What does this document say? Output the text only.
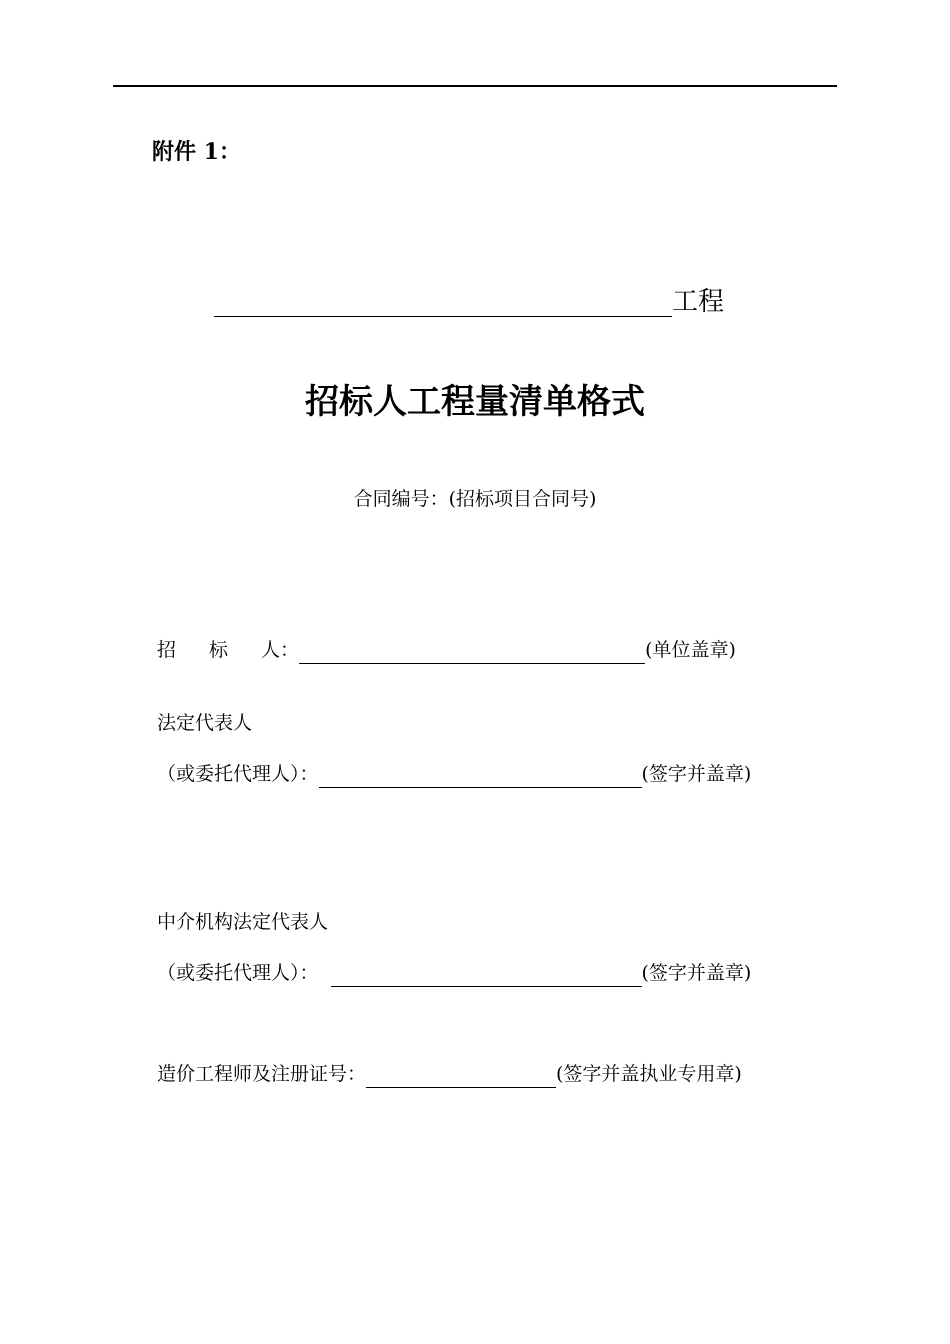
附件 1：
工程
招标人工程量清单格式
合同编号：(招标项目合同号)
招标人 ：	(单位盖章)
法定代表人
（或委托代理人）：	(签字并盖章)
中介机构法定代表人
（或委托代理人）：	(签字并盖章)
造价工程师及注册证号：	(签字并盖执业专用章)
